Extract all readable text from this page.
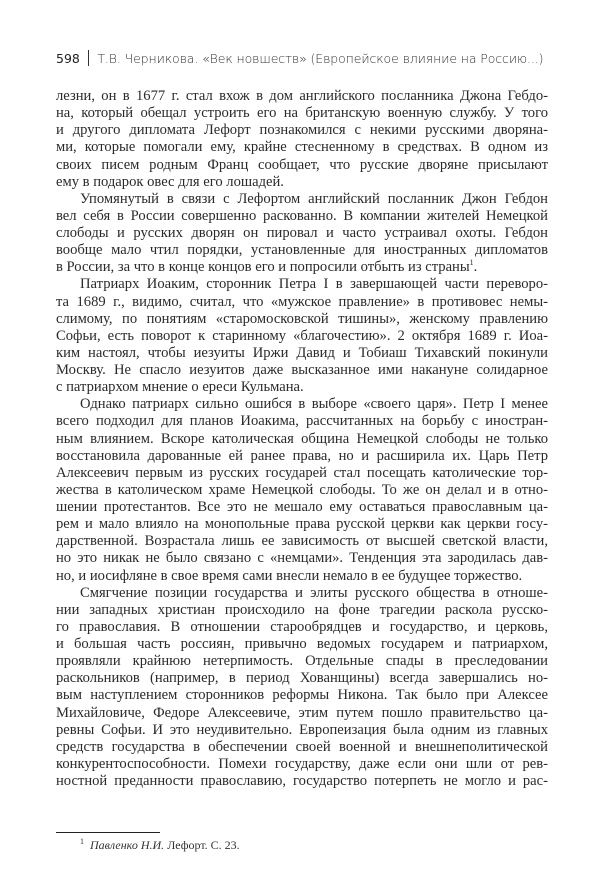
598 Т.В. Черникова. «Век новшеств» (Европейское влияние на Россию...)
лезни, он в 1677 г. стал вхож в дом английского посланника Джона Гебдо-
на, который обещал устроить его на британскую военную службу. У того
и другого дипломата Лефорт познакомился с некими русскими дворяна-
ми, которые помогали ему, крайне стесненному в средствах. В одном из
своих писем родным Франц сообщает, что русские дворяне присылают
ему в подарок овес для его лошадей.
Упомянутый в связи с Лефортом английский посланник Джон Гебдон
вел себя в России совершенно раскованно. В компании жителей Немецкой
слободы и русских дворян он пировал и часто устраивал охоты. Гебдон
вообще мало чтил порядки, установленные для иностранных дипломатов
в России, за что в конце концов его и попросили отбыть из страны$^1$.
Патриарх Иоаким, сторонник Петра I в завершающей части переворо-
та 1689 г., видимо, считал, что «мужское правление» в противовес немы-
слимому, по понятиям «старомосковской тишины», женскому правлению
Софьи, есть поворот к старинному «благочестию». 2 октября 1689 г. Иоа-
ким настоял, чтобы иезуиты Иржи Давид и Тобиаш Тихавский покинули
Москву. Не спасло иезуитов даже высказанное ими накануне солидарное
с патриархом мнение о ереси Кульмана.
Однако патриарх сильно ошибся в выборе «своего царя». Петр I менее
всего подходил для планов Иоакима, рассчитанных на борьбу с иностран-
ным влиянием. Вскоре католическая община Немецкой слободы не только
восстановила дарованные ей ранее права, но и расширила их. Царь Петр
Алексеевич первым из русских государей стал посещать католические тор-
жества в католическом храме Немецкой слободы. То же он делал и в отно-
шении протестантов. Все это не мешало ему оставаться православным ца-
рем и мало влияло на монопольные права русской церкви как церкви госу-
дарственной. Возрастала лишь ее зависимость от высшей светской власти,
но это никак не было связано с «немцами». Тенденция эта зародилась дав-
но, и иосифляне в свое время сами внесли немало в ее будущее торжество.
Смягчение позиции государства и элиты русского общества в отноше-
нии западных христиан происходило на фоне трагедии раскола русско-
го православия. В отношении старообрядцев и государство, и церковь,
и большая часть россиян, привычно ведомых государем и патриархом,
проявляли крайнюю нетерпимость. Отдельные спады в преследовании
раскольников (например, в период Хованщины) всегда завершались но-
вым наступлением сторонников реформы Никона. Так было при Алексее
Михайловиче, Федоре Алексеевиче, этим путем пошло правительство ца-
ревны Софьи. И это неудивительно. Европеизация была одним из главных
средств государства в обеспечении своей военной и внешнеполитической
конкурентоспособности. Помехи государству, даже если они шли от рев-
ностной преданности православию, государство потерпеть не могло и рас-
$^1$ Павленко Н.И. Лефорт. С. 23.
